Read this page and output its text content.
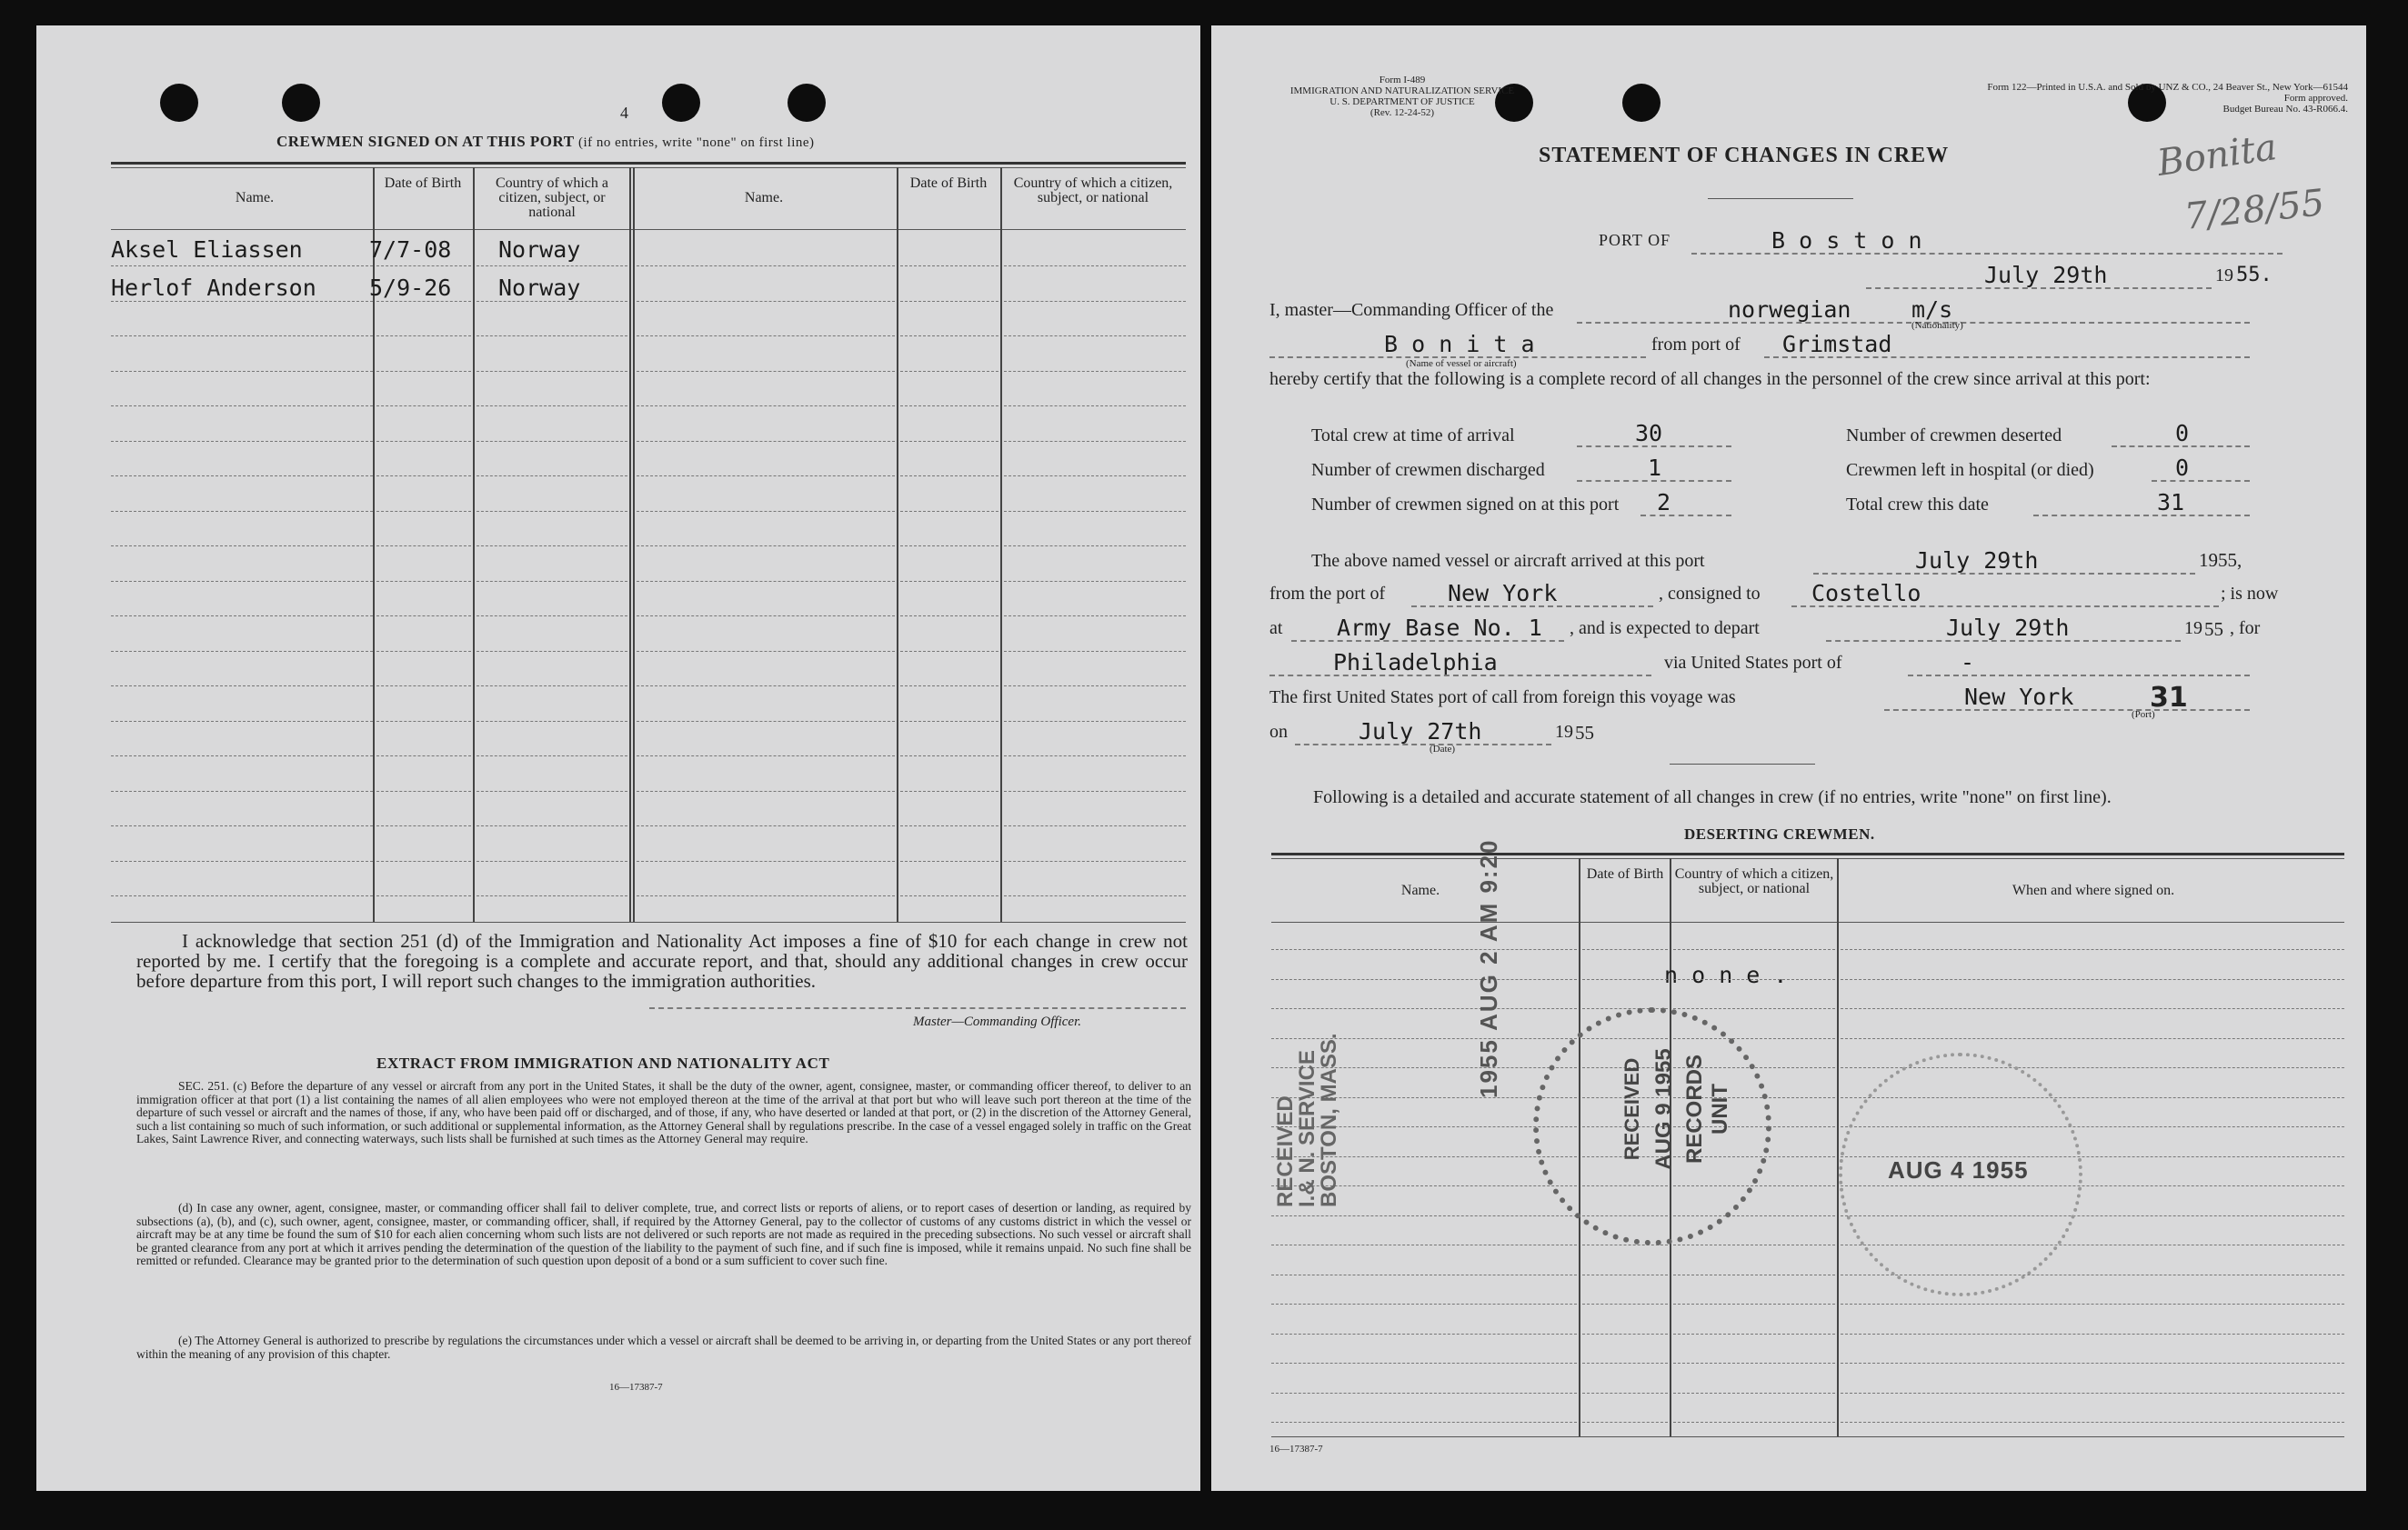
4
CREWMEN SIGNED ON AT THIS PORT (if no entries, write "none" on first line)
Name.
Date of Birth	Country of which a citizen, subject, or national
Name.
Date of Birth	Country of which a citizen, subject, or national
Aksel Eliassen	7/7-08 Norway
Herlof Anderson 5/9-26 Norway
I acknowledge that section 251 (d) of the Immigration and Nationality Act imposes a fine of $10 for each change in crew not reported by me. I certify that the foregoing is a complete and accurate report, and that, should any additional changes in crew occur before departure from this port, I will report such changes to the immigration authorities.
Master—Commanding Officer.
EXTRACT FROM IMMIGRATION AND NATIONALITY ACT
SEC. 251. (c) Before the departure of any vessel or aircraft from any port in the United States, it shall be the duty of the owner, agent, consignee, master, or commanding officer thereof, to deliver to an immigration officer at that port (1) a list containing the names of all alien employees who were not employed thereon at the time of the arrival at that port but who will leave such port thereon at the time of the departure of such vessel or aircraft and the names of those, if any, who have been paid off or discharged, and of those, if any, who have deserted or landed at that port, or (2) in the discretion of the Attorney General, such a list containing so much of such information, or such additional or supplemental information, as the Attorney General shall by regulations prescribe. In the case of a vessel engaged solely in traffic on the Great Lakes, Saint Lawrence River, and connecting waterways, such lists shall be furnished at such times as the Attorney General may require.
(d) In case any owner, agent, consignee, master, or commanding officer shall fail to deliver complete, true, and correct lists or reports of aliens, or to report cases of desertion or landing, as required by subsections (a), (b), and (c), such owner, agent, consignee, master, or commanding officer, shall, if required by the Attorney General, pay to the collector of customs of any customs district in which the vessel or aircraft may be at any time be found the sum of $10 for each alien concerning whom such lists are not delivered or such reports are not made as required in the preceding subsections. No such vessel or aircraft shall be granted clearance from any port at which it arrives pending the determination of the question of the liability to the payment of such fine, and if such fine is imposed, while it remains unpaid. No such fine shall be remitted or refunded. Clearance may be granted prior to the determination of such question upon deposit of a bond or a sum sufficient to cover such fine.
(e) The Attorney General is authorized to prescribe by regulations the circumstances under which a vessel or aircraft shall be deemed to be arriving in, or departing from the United States or any port thereof within the meaning of any provision of this chapter.
16—17387-7
Form I-489
IMMIGRATION AND NATURALIZATION SERVICE
U. S. DEPARTMENT OF JUSTICE
(Rev. 12-24-52)
Form 122—Printed in U.S.A. and Sold by UNZ & CO., 24 Beaver St., New York—61544
Form approved.
Budget Bureau No. 43-R066.4.
STATEMENT OF CHANGES IN CREW	Bonita
7/28/55
PORT OF	B o s t o n
July 29th	19 55.
I, master—Commanding Officer of the	norwegian	m/s
(Nationality)
B o n i t a
(Name of vessel or aircraft)
from port of Grimstad
hereby certify that the following is a complete record of all changes in the personnel of the crew since arrival at this port:
Total crew at time of arrival	30
Number of crewmen discharged	1
Number of crewmen signed on at this port 2
Number of crewmen deserted	0
Crewmen left in hospital (or died)	0
Total crew this date	31
The above named vessel or aircraft arrived at this port	July 29th	1955,
from the port of	New York	, consigned to Costello	; is now
at Army Base No. 1 , and is expected to depart	July 29th	19 55 , for
Philadelphia	via United States port of	-
The first United States port of call from foreign this voyage was	New York
(Port)
31
on	July 27th
(Date)
19 55
Following is a detailed and accurate statement of all changes in crew (if no entries, write "none" on first line).
DESERTING CREWMEN.
Name.
Date of Birth Country of which a citizen, subject, or national	When and where signed on.
n o n e .
RECEIVED
I.& N. SERVICE
BOSTON, MASS.
1955 AUG 2 AM 9:20
RECEIVED AUG 9 1955 RECORDS UNIT
AUG 4 1955
16—17387-7
